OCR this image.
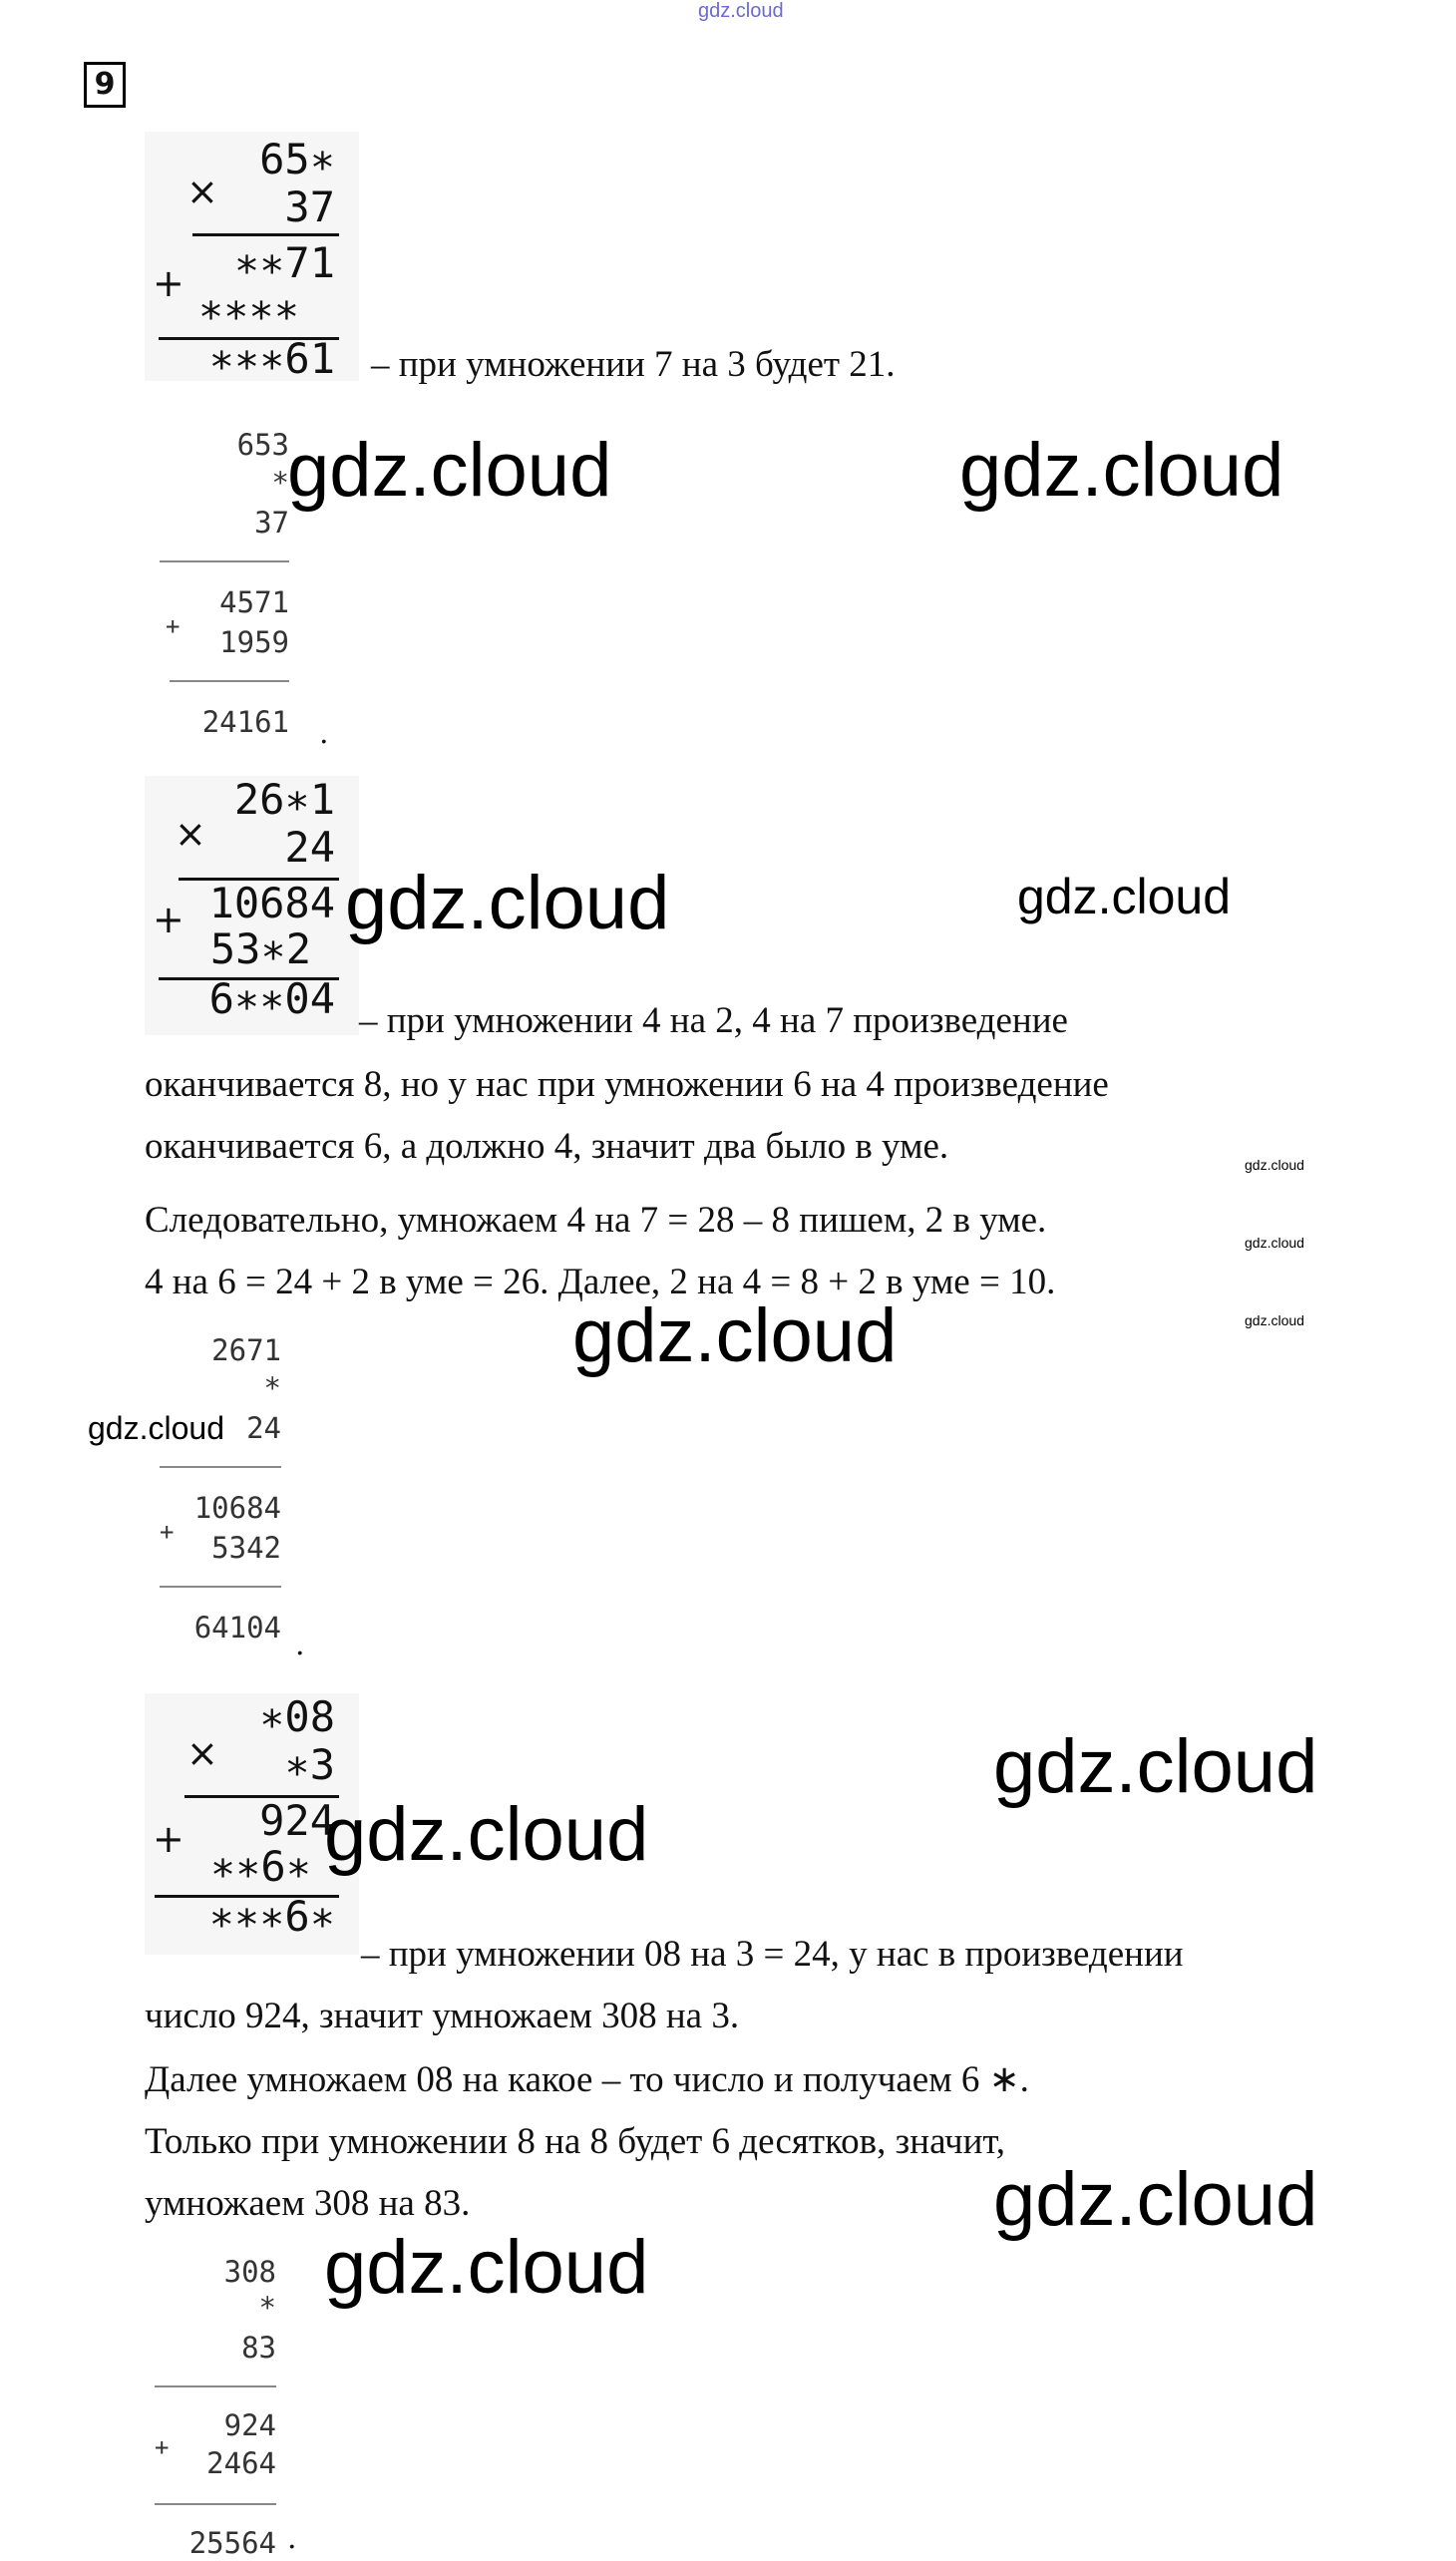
gdz.cloud
9
×
65∗
37
∗∗71
+
∗∗∗∗
∗∗∗61 – при умножении 7 на 3 будет 21.
653
*
37
4571
+ 1959
24161 .
×
26∗1
24
10684
+
53∗2
6∗∗04 – при умножении 4 на 2, 4 на 7 произведение
оканчивается 8, но у нас при умножении 6 на 4 произведение
оканчивается 6, а должно 4, значит два было в уме.
Следовательно, умножаем 4 на 7 = 28 – 8 пишем, 2 в уме.
4 на 6 = 24 + 2 в уме = 26. Далее, 2 на 4 = 8 + 2 в уме = 10.
2671
*
24
10684
+ 5342
64104 .
×
∗08
∗3
924
+
∗∗6∗
∗∗∗6∗
– при умножении 08 на 3 = 24, у нас в произведении
число 924, значит умножаем 308 на 3.
Далее умножаем 08 на какое – то число и получаем 6 ∗.
Только при умножении 8 на 8 будет 6 десятков, значит,
умножаем 308 на 83.
308
*
83
924
+ 2464
25564 .
gdz.cloud	gdz.cloud
gdz.cloud	gdz.cloud
gdz.cloud
gdz.cloud
gdz.cloud
gdz.cloud
gdz.cloud
gdz.cloud
gdz.cloud
gdz.cloud
gdz.cloud
